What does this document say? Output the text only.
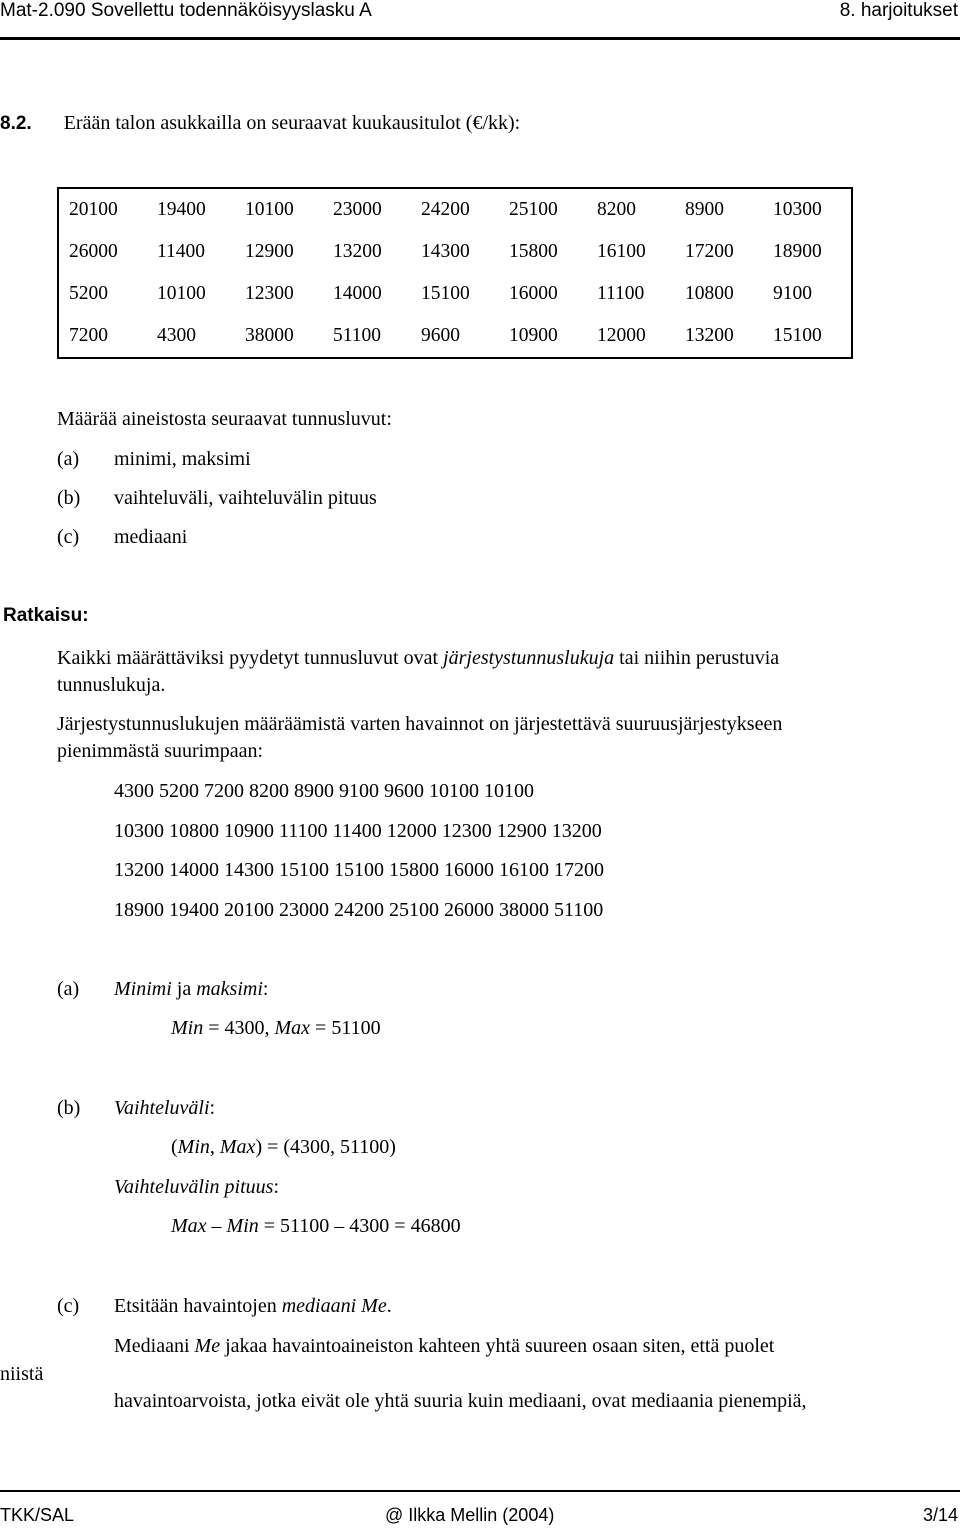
Mat-2.090 Sovellettu todennäköisyyslasku A	8. harjoitukset
8.2. Erään talon asukkailla on seuraavat kuukausitulot (€/kk):
20100	19400	10100	23000	24200	25100	8200	8900	10300
26000	11400	12900	13200	14300	15800	16100	17200	18900
5200	10100	12300	14000	15100	16000	11100	10800	9100
7200	4300	38000	51100	9600	10900	12000	13200	15100
Määrää aineistosta seuraavat tunnusluvut:
(a) minimi, maksimi
(b) vaihteluväli, vaihteluvälin pituus
(c) mediaani
Ratkaisu:
Kaikki määrättäviksi pyydetyt tunnusluvut ovat järjestystunnuslukuja tai niihin perustuvia
tunnuslukuja.
Järjestystunnuslukujen määräämistä varten havainnot on järjestettävä suuruusjärjestykseen
pienimmästä suurimpaan:
4300 5200 7200 8200 8900 9100 9600 10100 10100
10300 10800 10900 11100 11400 12000 12300 12900 13200
13200 14000 14300 15100 15100 15800 16000 16100 17200
18900 19400 20100 23000 24200 25100 26000 38000 51100
(a) Minimi ja maksimi:
Min = 4300, Max = 51100
(b) Vaihteluväli:
(Min, Max) = (4300, 51100)
Vaihteluvälin pituus:
Max – Min = 51100 – 4300 = 46800
(c) Etsitään havaintojen mediaani Me.
Mediaani Me jakaa havaintoaineiston kahteen yhtä suureen osaan siten, että puolet
niistä
havaintoarvoista, jotka eivät ole yhtä suuria kuin mediaani, ovat mediaania pienempiä,
TKK/SAL	@ Ilkka Mellin (2004)	3/14
